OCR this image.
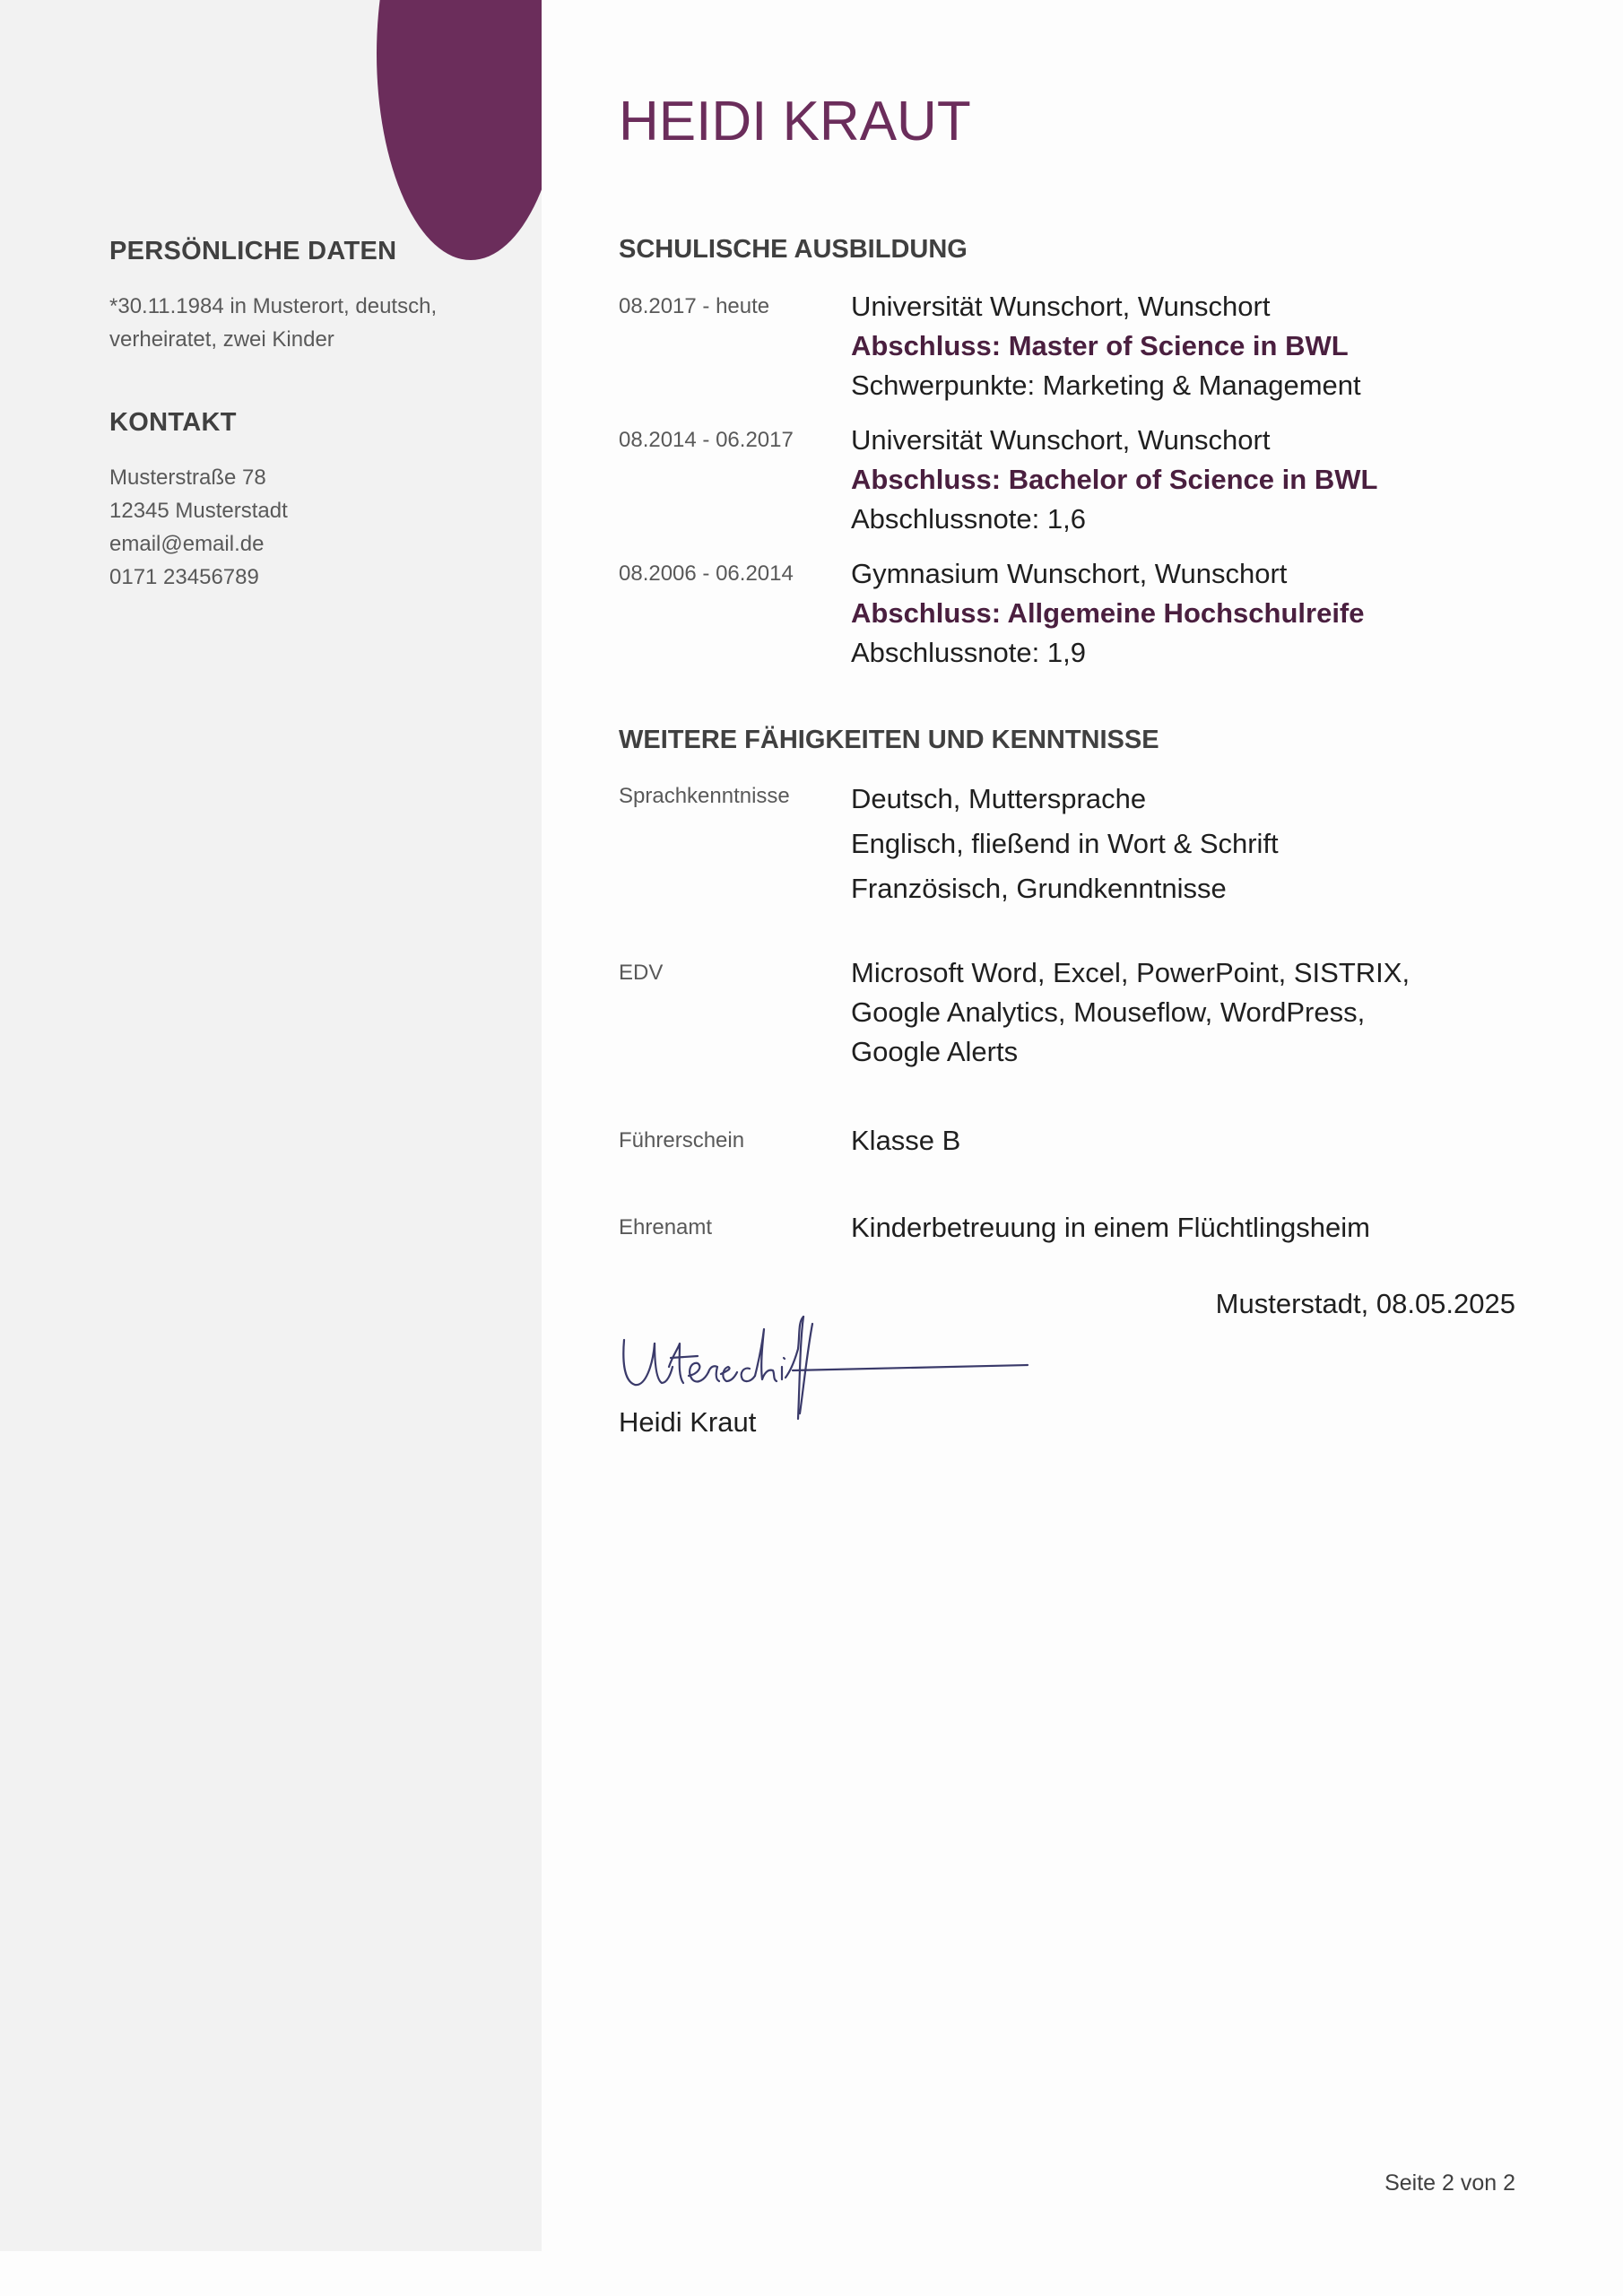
PERSÖNLICHE DATEN
*30.11.1984 in Musterort, deutsch,
verheiratet, zwei Kinder
KONTAKT
Musterstraße 78
12345 Musterstadt
email@email.de
0171 23456789
HEIDI KRAUT
SCHULISCHE AUSBILDUNG
08.2017 - heute	Universität Wunschort, Wunschort
Abschluss: Master of Science in BWL
Schwerpunkte: Marketing & Management
08.2014 - 06.2017 Universität Wunschort, Wunschort
Abschluss: Bachelor of Science in BWL
Abschlussnote: 1,6
08.2006 - 06.2014 Gymnasium Wunschort, Wunschort
Abschluss: Allgemeine Hochschulreife
Abschlussnote: 1,9
WEITERE FÄHIGKEITEN UND KENNTNISSE
Sprachkenntnisse Deutsch, Muttersprache
Englisch, fließend in Wort & Schrift
Französisch, Grundkenntnisse
EDV	Microsoft Word, Excel, PowerPoint, SISTRIX,
Google Analytics, Mouseflow, WordPress,
Google Alerts
Führerschein	Klasse B
Ehrenamt	Kinderbetreuung in einem Flüchtlingsheim
Musterstadt, 08.05.2025
Heidi Kraut
Seite 2 von 2
